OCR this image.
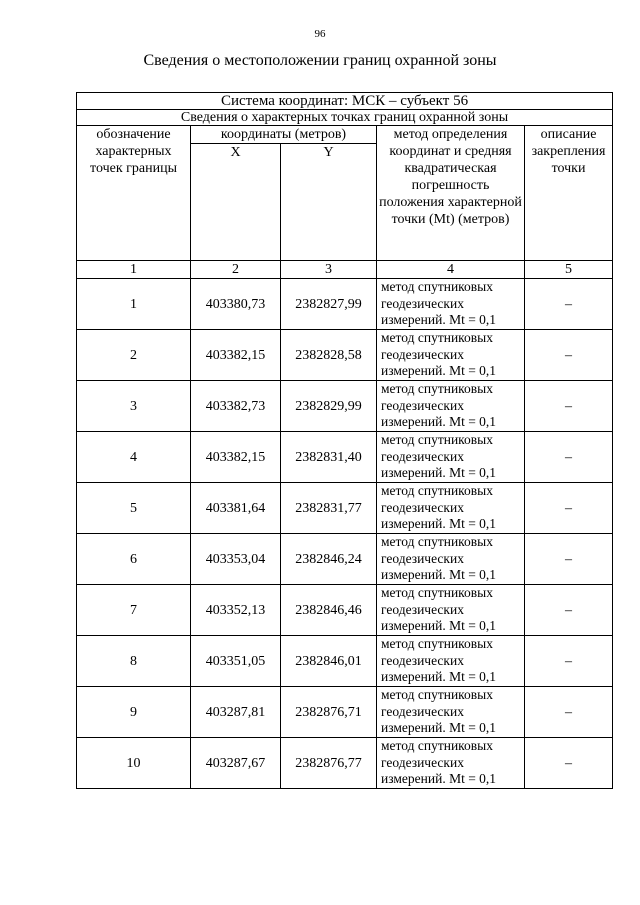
96
Сведения о местоположении границ охранной зоны
Система координат: МСК – субъект 56				
Сведения о характерных точках границ охранной зоны				
обозначение характерных точек границы	координаты (метров)		метод определения координат и средняя квадратическая погрешность положения характерной точки (Mt) (метров)	описание закрепления точки
	X	Y		
1	2	3	4	5
1	403380,73	2382827,99	метод спутниковых геодезических измерений. Mt = 0,1	–
2	403382,15	2382828,58	метод спутниковых геодезических измерений. Mt = 0,1	–
3	403382,73	2382829,99	метод спутниковых геодезических измерений. Mt = 0,1	–
4	403382,15	2382831,40	метод спутниковых геодезических измерений. Mt = 0,1	–
5	403381,64	2382831,77	метод спутниковых геодезических измерений. Mt = 0,1	–
6	403353,04	2382846,24	метод спутниковых геодезических измерений. Mt = 0,1	–
7	403352,13	2382846,46	метод спутниковых геодезических измерений. Mt = 0,1	–
8	403351,05	2382846,01	метод спутниковых геодезических измерений. Mt = 0,1	–
9	403287,81	2382876,71	метод спутниковых геодезических измерений. Mt = 0,1	–
10	403287,67	2382876,77	метод спутниковых геодезических измерений. Mt = 0,1	–
